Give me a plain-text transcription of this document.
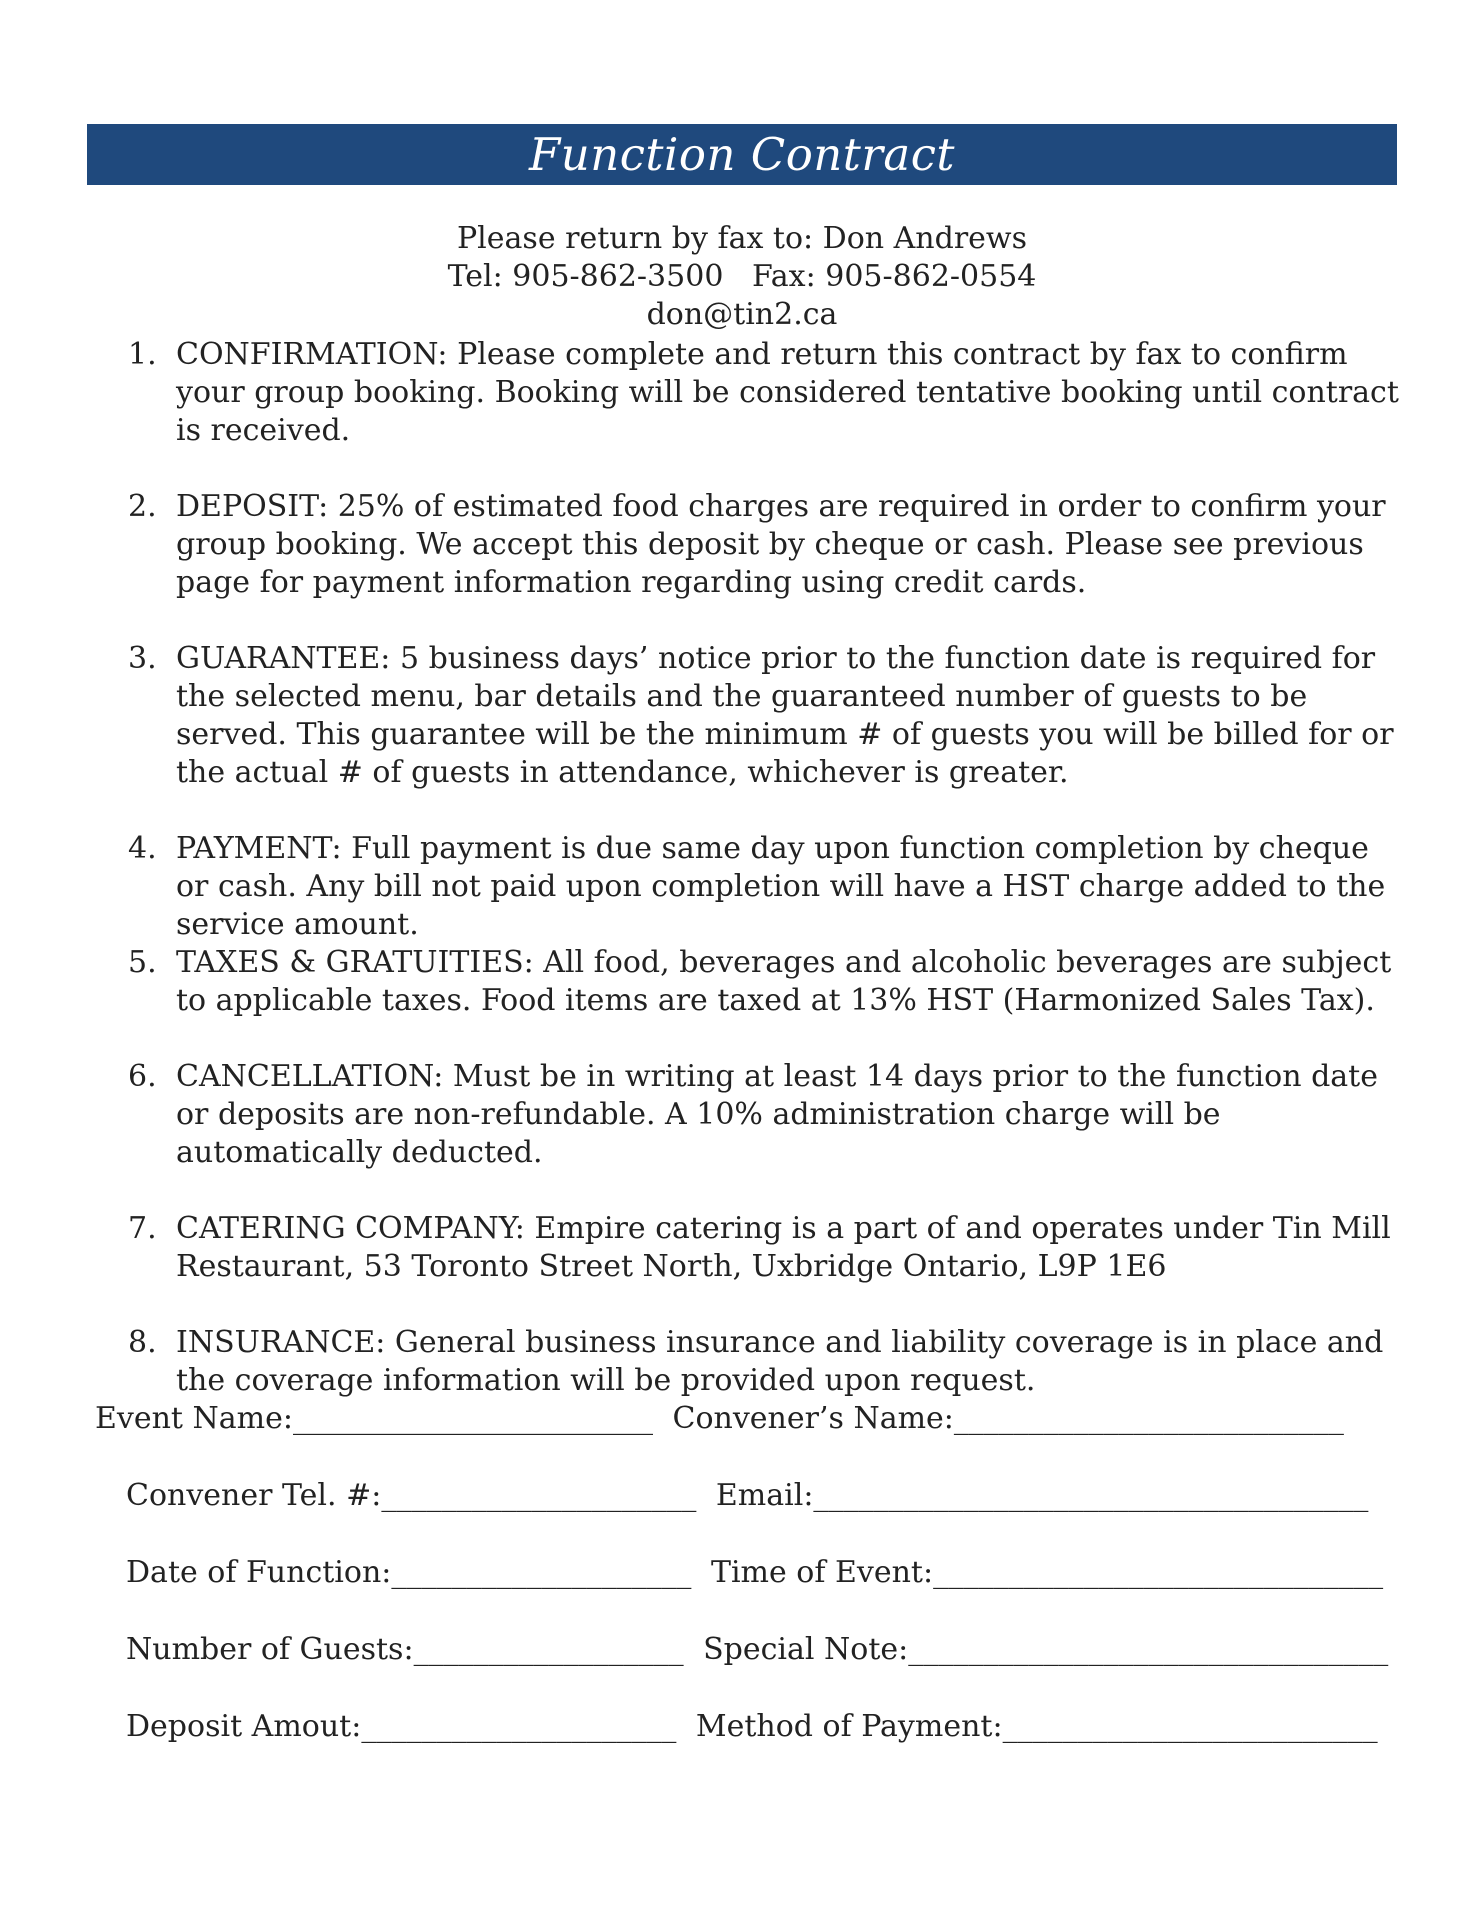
Function Contract
Please return by fax to: Don Andrews
Tel: 905-862-3500   Fax: 905-862-0554
don@tin2.ca
1. CONFIRMATION: Please complete and return this contract by fax to confirm your group booking. Booking will be considered tentative booking until contract is received.
2. DEPOSIT: 25% of estimated food charges are required in order to confirm your group booking. We accept this deposit by cheque or cash. Please see previous page for payment information regarding using credit cards.
3. GUARANTEE: 5 business days’ notice prior to the function date is required for the selected menu, bar details and the guaranteed number of guests to be served. This guarantee will be the minimum # of guests you will be billed for or the actual # of guests in attendance, whichever is greater.
4. PAYMENT: Full payment is due same day upon function completion by cheque or cash. Any bill not paid upon completion will have a HST charge added to the service amount.
5. TAXES & GRATUITIES: All food, beverages and alcoholic beverages are subject to applicable taxes. Food items are taxed at 13% HST (Harmonized Sales Tax).
6. CANCELLATION: Must be in writing at least 14 days prior to the function date or deposits are non-refundable. A 10% administration charge will be automatically deducted.
7. CATERING COMPANY: Empire catering is a part of and operates under Tin Mill Restaurant, 53 Toronto Street North, Uxbridge Ontario, L9P 1E6
8. INSURANCE: General business insurance and liability coverage is in place and the coverage information will be provided upon request.
Event Name:________________________ Convener’s Name:__________________________
Convener Tel. #:_____________________ Email:_____________________________________
Date of Function:____________________ Time of Event:______________________________
Number of Guests:__________________ Special Note:________________________________
Deposit Amout:_____________________ Method of Payment:_________________________
